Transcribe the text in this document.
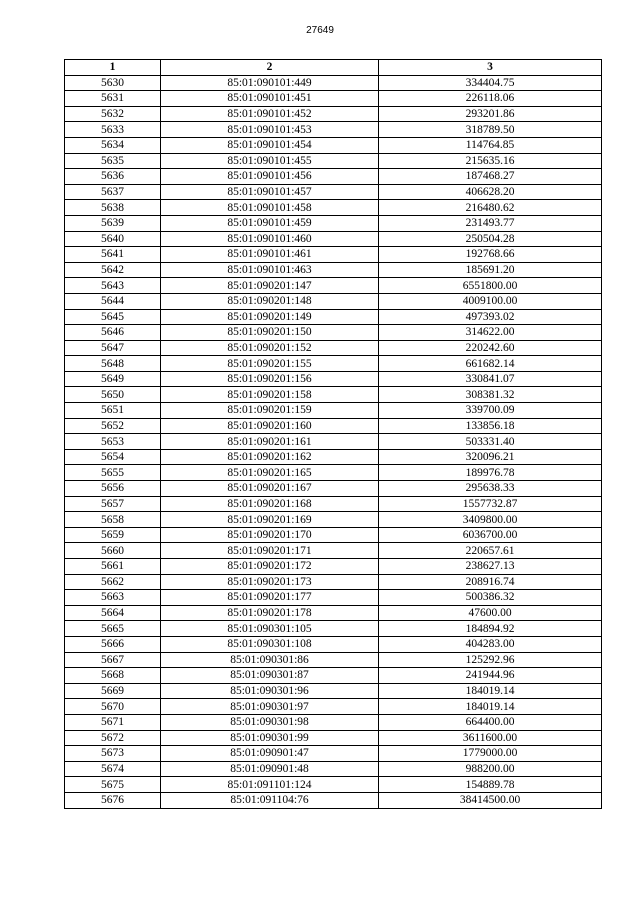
27649
1	2	3
5630	85:01:090101:449	334404.75
5631	85:01:090101:451	226118.06
5632	85:01:090101:452	293201.86
5633	85:01:090101:453	318789.50
5634	85:01:090101:454	114764.85
5635	85:01:090101:455	215635.16
5636	85:01:090101:456	187468.27
5637	85:01:090101:457	406628.20
5638	85:01:090101:458	216480.62
5639	85:01:090101:459	231493.77
5640	85:01:090101:460	250504.28
5641	85:01:090101:461	192768.66
5642	85:01:090101:463	185691.20
5643	85:01:090201:147	6551800.00
5644	85:01:090201:148	4009100.00
5645	85:01:090201:149	497393.02
5646	85:01:090201:150	314622.00
5647	85:01:090201:152	220242.60
5648	85:01:090201:155	661682.14
5649	85:01:090201:156	330841.07
5650	85:01:090201:158	308381.32
5651	85:01:090201:159	339700.09
5652	85:01:090201:160	133856.18
5653	85:01:090201:161	503331.40
5654	85:01:090201:162	320096.21
5655	85:01:090201:165	189976.78
5656	85:01:090201:167	295638.33
5657	85:01:090201:168	1557732.87
5658	85:01:090201:169	3409800.00
5659	85:01:090201:170	6036700.00
5660	85:01:090201:171	220657.61
5661	85:01:090201:172	238627.13
5662	85:01:090201:173	208916.74
5663	85:01:090201:177	500386.32
5664	85:01:090201:178	47600.00
5665	85:01:090301:105	184894.92
5666	85:01:090301:108	404283.00
5667	85:01:090301:86	125292.96
5668	85:01:090301:87	241944.96
5669	85:01:090301:96	184019.14
5670	85:01:090301:97	184019.14
5671	85:01:090301:98	664400.00
5672	85:01:090301:99	3611600.00
5673	85:01:090901:47	1779000.00
5674	85:01:090901:48	988200.00
5675	85:01:091101:124	154889.78
5676	85:01:091104:76	38414500.00
